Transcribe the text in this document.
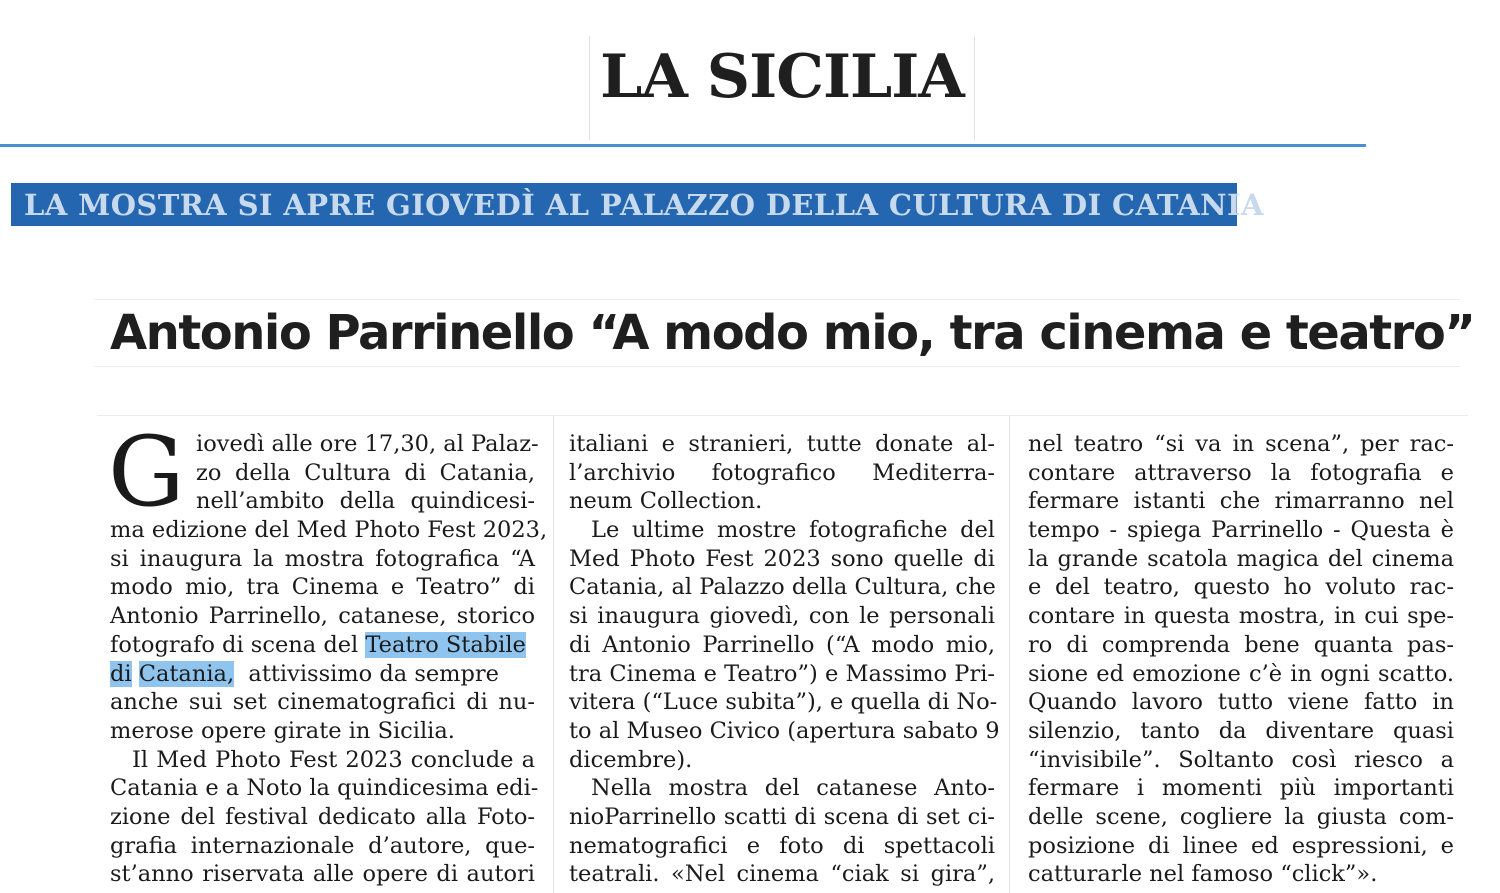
LA SICILIA
LA MOSTRA SI APRE GIOVEDÌ AL PALAZZO DELLA CULTURA DI CATANIA
Antonio Parrinello “A modo mio, tra cinema e teatro”
G iovedì alle ore 17,30, al Palaz-
zo della Cultura di Catania,
nell’ambito della quindicesi-
ma edizione del Med Photo Fest 2023,
si inaugura la mostra fotografica “A
modo mio, tra Cinema e Teatro” di
Antonio Parrinello, catanese, storico
fotografo di scena del Teatro Stabile
di Catania, attivissimo da sempre
anche sui set cinematografici di nu-
merose opere girate in Sicilia.
Il Med Photo Fest 2023 conclude a
Catania e a Noto la quindicesima edi-
zione del festival dedicato alla Foto-
grafia internazionale d’autore, que-
st’anno riservata alle opere di autori
italiani e stranieri, tutte donate al-
l’archivio fotografico Mediterra-
neum Collection.
Le ultime mostre fotografiche del
Med Photo Fest 2023 sono quelle di
Catania, al Palazzo della Cultura, che
si inaugura giovedì, con le personali
di Antonio Parrinello (“A modo mio,
tra Cinema e Teatro”) e Massimo Pri-
vitera (“Luce subita”), e quella di No-
to al Museo Civico (apertura sabato 9
dicembre).
Nella mostra del catanese Anto-
nioParrinello scatti di scena di set ci-
nematografici e foto di spettacoli
teatrali. «Nel cinema “ciak si gira”,
nel teatro “si va in scena”, per rac-
contare attraverso la fotografia e
fermare istanti che rimarranno nel
tempo - spiega Parrinello - Questa è
la grande scatola magica del cinema
e del teatro, questo ho voluto rac-
contare in questa mostra, in cui spe-
ro di comprenda bene quanta pas-
sione ed emozione c’è in ogni scatto.
Quando lavoro tutto viene fatto in
silenzio, tanto da diventare quasi
“invisibile”. Soltanto così riesco a
fermare i momenti più importanti
delle scene, cogliere la giusta com-
posizione di linee ed espressioni, e
catturarle nel famoso “click”».
